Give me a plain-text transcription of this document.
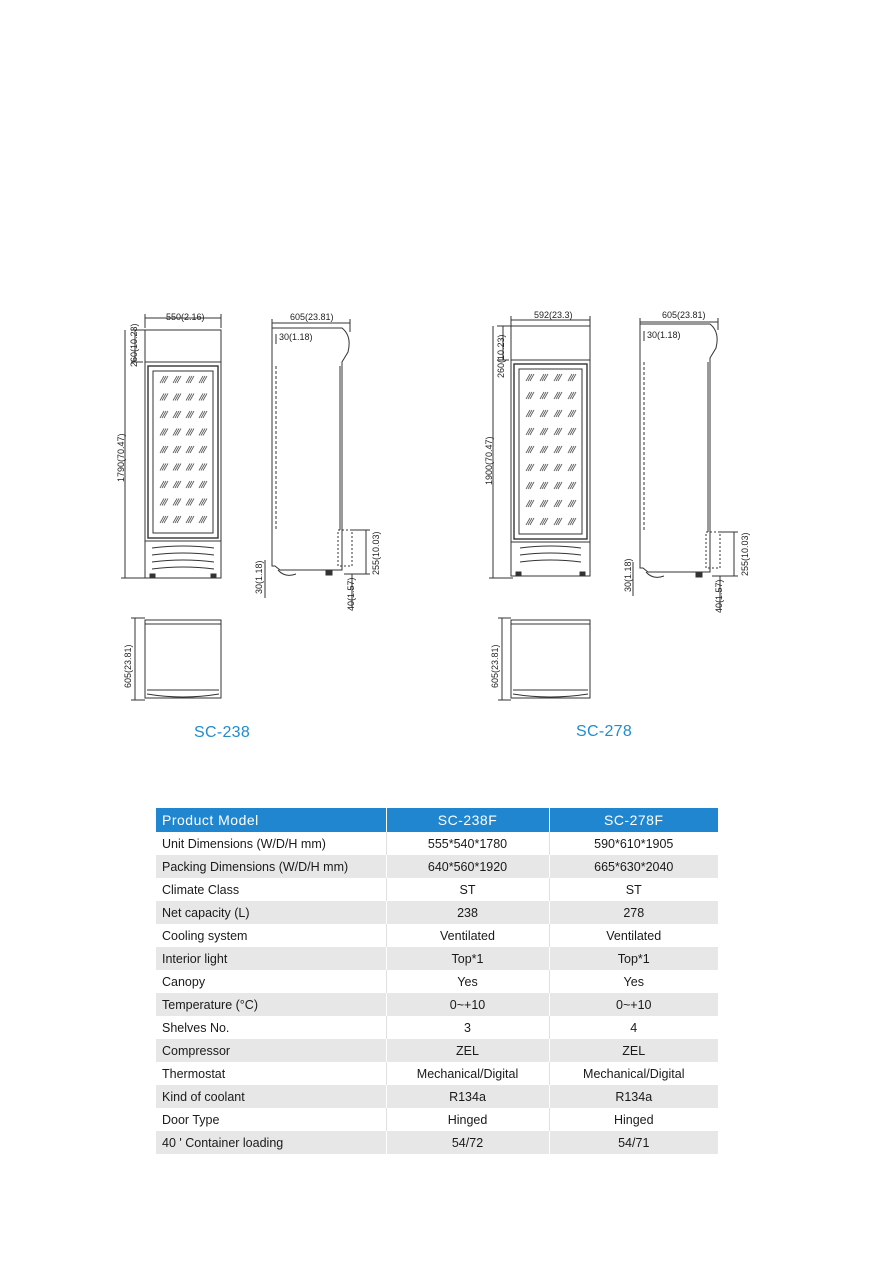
550(2.16)
260(10.23)
1790(70.47)
605(23.81)
30(1.18)
255(10.03)
30(1.18)
40(1.57)
605(23.81)
592(23.3)
260(10.23)
1900(70.47)
605(23.81)
30(1.18)
255(10.03)
30(1.18)
40(1.57)
605(23.81)
SC-238	SC-278
Product Model	SC-238F	SC-278F
Unit Dimensions (W/D/H mm)	555*540*1780	590*610*1905
Packing Dimensions (W/D/H mm)	640*560*1920	665*630*2040
Climate Class	ST	ST
Net capacity (L)	238	278
Cooling system	Ventilated	Ventilated
Interior light	Top*1	Top*1
Canopy	Yes	Yes
Temperature (°C)	0~+10	0~+10
Shelves No.	3	4
Compressor	ZEL	ZEL
Thermostat	Mechanical/Digital	Mechanical/Digital
Kind of coolant	R134a	R134a
Door Type	Hinged	Hinged
40 ' Container loading	54/72	54/71
